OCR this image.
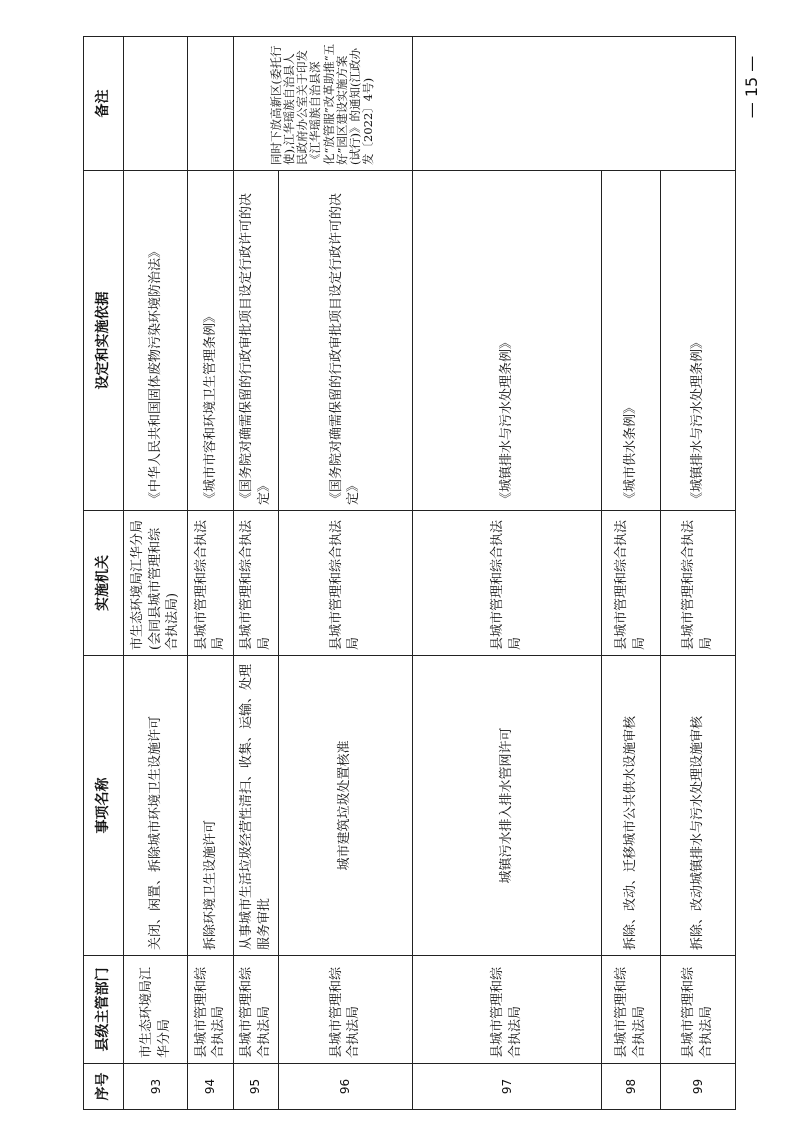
序号	县级主管部门	事项名称	实施机关	设定和实施依据	备注
93	市生态环境局江华分局	关闭、闲置、拆除城市环境卫生设施许可	市生态环境局江华分局(会同县城市管理和综合执法局)	《中华人民共和国固体废物污染环境防治法》	
94	县城市管理和综合执法局	拆除环境卫生设施许可	县城市管理和综合执法局	《城市市容和环境卫生管理条例》	
95	县城市管理和综合执法局	从事城市生活垃圾经营性清扫、收集、运输、处理服务审批	县城市管理和综合执法局	《国务院对确需保留的行政审批项目设定行政许可的决定》	同时下放高新区(委托行使),江华瑶族自治县人民政府办公室关于印发《江华瑶族自治县深化“放管服”改革助推“五好”园区建设实施方案(试行)》的通知(江政办发〔2022〕4号)
96	县城市管理和综合执法局	城市建筑垃圾处置核准	县城市管理和综合执法局	《国务院对确需保留的行政审批项目设定行政许可的决定》	
97	县城市管理和综合执法局	城镇污水排入排水管网许可	县城市管理和综合执法局	《城镇排水与污水处理条例》	
98	县城市管理和综合执法局	拆除、改动、迁移城市公共供水设施审核	县城市管理和综合执法局	《城市供水条例》	
99	县城市管理和综合执法局	拆除、改动城镇排水与污水处理设施审核	县城市管理和综合执法局	《城镇排水与污水处理条例》	
— 15 —
